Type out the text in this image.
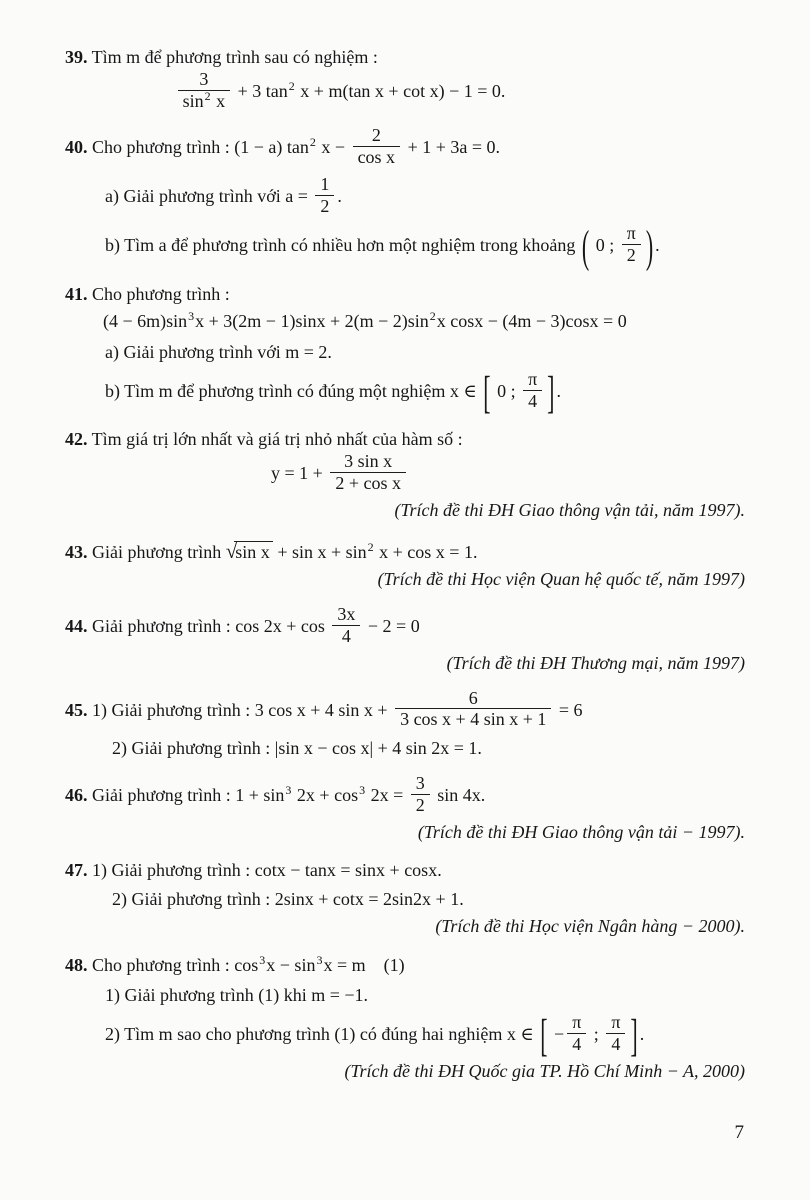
39. Tìm m để phương trình sau có nghiệm :
$\frac{3}{\sin 2 x} + 3$ tan2 x + m(tan x + cot x) − 1 = 0.
40. Cho phương trình : (1 − a) tan2 $x - \frac{2}{\text{cos x}} + 1 + 3a = 0$.
a) Giải phương trình với $a = \frac{1}{2}$ .
b) Tìm a để phương trình có nhiều hơn một nghiệm trong khoảng ( 0 ; $\frac{\pi}{2}$ ) .
41. Cho phương trình :
(4 − 6m)sin3x + 3(2m − 1)sinx + 2(m − 2)sin2x cosx − (4m − 3)cosx = 0
a) Giải phương trình với m = 2.
b) Tìm m để phương trình có đúng một nghiệm x ∈ [ 0 ; $\frac{\pi}{4}$ ] .
42. Tìm giá trị lớn nhất và giá trị nhỏ nhất của hàm số :
$y = 1 + \frac{\text{3 sin x}}{\text{2 + cos x}}$
(Trích đề thi ĐH Giao thông vận tải, năm 1997).
43. Giải phương trình √ sin x + sin x + sin2 x + cos x = 1.
(Trích đề thi Học viện Quan hệ quốc tế, năm 1997)
44. Giải phương trình : $\cos 2x + \cos \frac{3x}{4} - 2 = 0$
(Trích đề thi ĐH Thương mại, năm 1997)
45. 1) Giải phương trình : 3 cos x + 4 $\sin x + \frac{6}{\text{3 cos x + 4 sin x + 1}} = 6$
2) Giải phương trình : |sin x − cos x| + 4 sin 2x = 1.
46. Giải phương trình : 1 + sin3 2x + cos3 $2x = \frac{3}{2}$ sin 4x.
(Trích đề thi ĐH Giao thông vận tải − 1997).
47. 1) Giải phương trình : cotx − tanx = sinx + cosx.
2) Giải phương trình : 2sinx + cotx = 2sin2x + 1.
(Trích đề thi Học viện Ngân hàng − 2000).
48. Cho phương trình : cos3x − sin3x = m    (1)
1) Giải phương trình (1) khi m = −1.
2) Tìm m sao cho phương trình (1) có đúng hai nghiệm x ∈ [ − $\frac{\pi}{4}$ ; $\frac{\pi}{4}$ ] .
(Trích đề thi ĐH Quốc gia TP. Hồ Chí Minh − A, 2000)
7
